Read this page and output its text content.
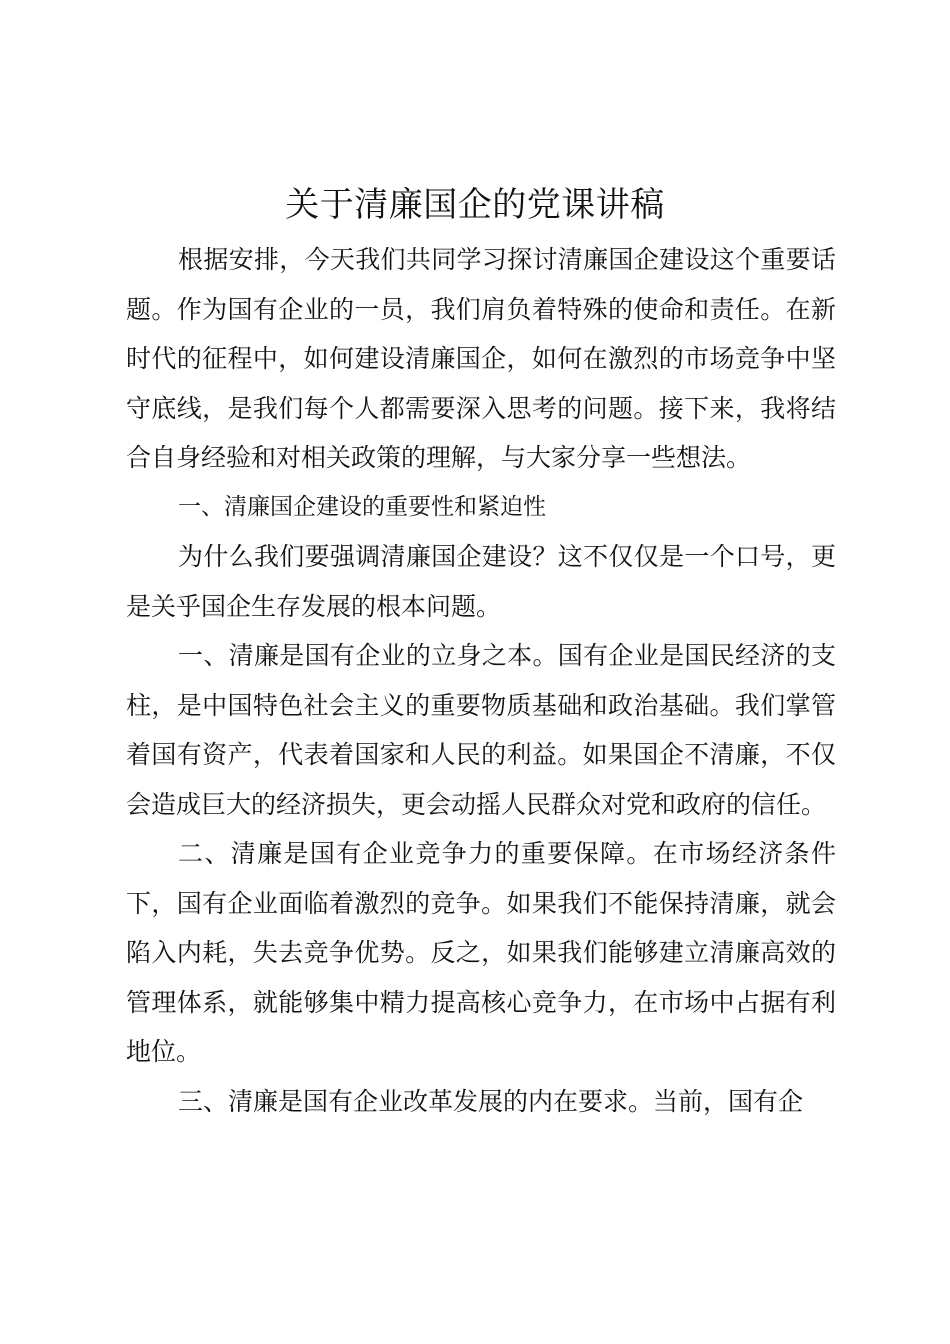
关于清廉国企的党课讲稿

根据安排，今天我们共同学习探讨清廉国企建设这个重要话题。作为国有企业的一员，我们肩负着特殊的使命和责任。在新时代的征程中，如何建设清廉国企，如何在激烈的市场竞争中坚守底线，是我们每个人都需要深入思考的问题。接下来，我将结合自身经验和对相关政策的理解，与大家分享一些想法。

一、清廉国企建设的重要性和紧迫性

为什么我们要强调清廉国企建设？这不仅仅是一个口号，更是关乎国企生存发展的根本问题。

一、清廉是国有企业的立身之本。国有企业是国民经济的支柱，是中国特色社会主义的重要物质基础和政治基础。我们掌管着国有资产，代表着国家和人民的利益。如果国企不清廉，不仅会造成巨大的经济损失，更会动摇人民群众对党和政府的信任。

二、清廉是国有企业竞争力的重要保障。在市场经济条件下，国有企业面临着激烈的竞争。如果我们不能保持清廉，就会陷入内耗，失去竞争优势。反之，如果我们能够建立清廉高效的管理体系，就能够集中精力提高核心竞争力，在市场中占据有利地位。

三、清廉是国有企业改革发展的内在要求。当前，国有企
